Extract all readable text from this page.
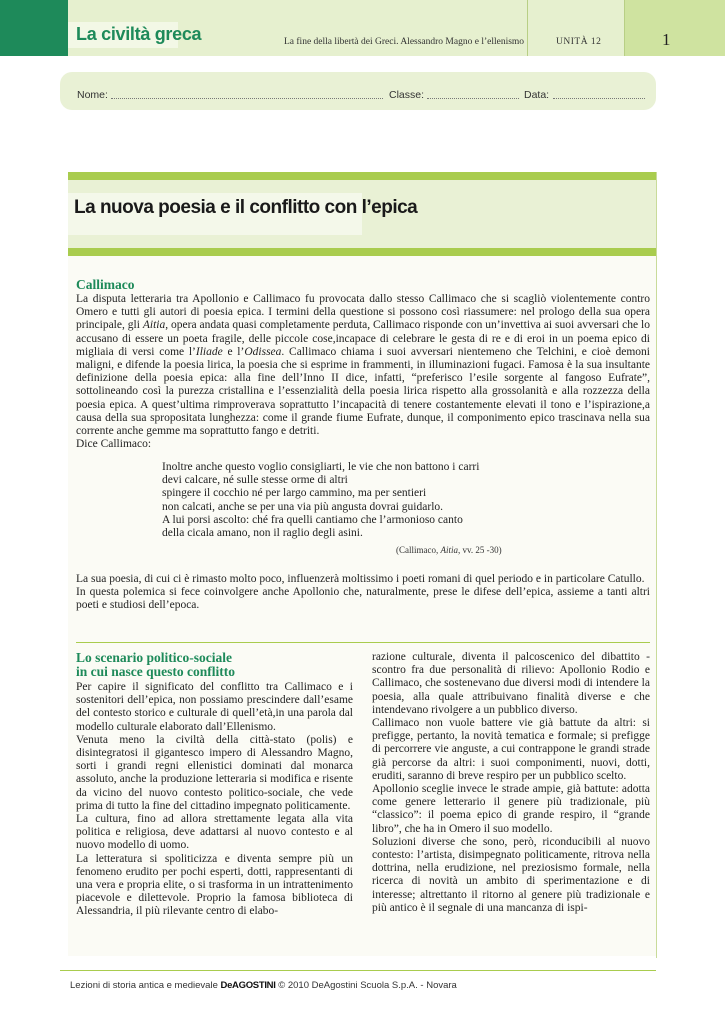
La civiltà greca	La fine della libertà dei Greci. Alessandro Magno e l’ellenismo	UNITÀ 12	1
Nome:	Classe:	Data:
La nuova poesia e il conflitto con l’epica
Callimaco
La disputa letteraria tra Apollonio e Callimaco fu provocata dallo stesso Callimaco che si scagliò violentemente contro Omero e tutti gli autori di poesia epica. I termini della questione si possono così riassumere: nel prologo della sua opera principale, gli Aitia, opera andata quasi completamente perduta, Callimaco risponde con un’invettiva ai suoi avversari che lo accusano di essere un poeta fragile, delle piccole cose,incapace di celebrare le gesta di re e di eroi in un poema epico di migliaia di versi come l’Iliade e l’Odissea. Callimaco chiama i suoi avversari nientemeno che Telchini, e cioè demoni maligni, e difende la poesia lirica, la poesia che si esprime in frammenti, in illuminazioni fugaci. Famosa è la sua insultante definizione della poesia epica: alla fine dell’Inno II dice, infatti, “preferisco l’esile sorgente al fangoso Eufrate”, sottolineando così la purezza cristallina e l’essenzialità della poesia lirica rispetto alla grossolanità e alla rozzezza della poesia epica. A quest’ultima rimproverava soprattutto l’incapacità di tenere costantemente elevati il tono e l’ispirazione,a causa della sua spropositata lunghezza: come il grande fiume Eufrate, dunque, il componimento epico trascinava nella sua corrente anche gemme ma soprattutto fango e detriti.
Dice Callimaco:
Inoltre anche questo voglio consigliarti, le vie che non battono i carri
devi calcare, né sulle stesse orme di altri
spingere il cocchio né per largo cammino, ma per sentieri
non calcati, anche se per una via più angusta dovrai guidarlo.
A lui porsi ascolto: ché fra quelli cantiamo che l’armonioso canto
della cicala amano, non il raglio degli asini.
(Callimaco, Aitia, vv. 25 -30)
La sua poesia, di cui ci è rimasto molto poco, influenzerà moltissimo i poeti romani di quel periodo e in particolare Catullo.
In questa polemica si fece coinvolgere anche Apollonio che, naturalmente, prese le difese dell’epica, assieme a tanti altri poeti e studiosi dell’epoca.
Lo scenario politico-sociale
in cui nasce questo conflitto
Per capire il significato del conflitto tra Callimaco e i sostenitori dell’epica, non possiamo prescindere dall’esame del contesto storico e culturale di quell’età,in una parola dal modello culturale elaborato dall’Ellenismo.
Venuta meno la civiltà della città-stato (polis) e disintegratosi il gigantesco impero di Alessandro Magno, sorti i grandi regni ellenistici dominati dal monarca assoluto, anche la produzione letteraria si modifica e risente da vicino del nuovo contesto politico-sociale, che vede prima di tutto la fine del cittadino impegnato politicamente.
La cultura, fino ad allora strettamente legata alla vita politica e religiosa, deve adattarsi al nuovo contesto e al nuovo modello di uomo.
La letteratura si spoliticizza e diventa sempre più un fenomeno erudito per pochi esperti, dotti, rappresentanti di una vera e propria elite, o si trasforma in un intrattenimento piacevole e dilettevole. Proprio la famosa biblioteca di Alessandria, il più rilevante centro di elabo-
razione culturale, diventa il palcoscenico del dibattito - scontro fra due personalità di rilievo: Apollonio Rodio e Callimaco, che sostenevano due diversi modi di intendere la poesia, alla quale attribuivano finalità diverse e che intendevano rivolgere a un pubblico diverso.
Callimaco non vuole battere vie già battute da altri: si prefigge, pertanto, la novità tematica e formale; si prefigge di percorrere vie anguste, a cui contrappone le grandi strade già percorse da altri: i suoi componimenti, nuovi, dotti, eruditi, saranno di breve respiro per un pubblico scelto.
Apollonio sceglie invece le strade ampie, già battute: adotta come genere letterario il genere più tradizionale, più “classico”: il poema epico di grande respiro, il “grande libro”, che ha in Omero il suo modello.
Soluzioni diverse che sono, però, riconducibili al nuovo contesto: l’artista, disimpegnato politicamente, ritrova nella dottrina, nella erudizione, nel preziosismo formale, nella ricerca di novità un ambito di sperimentazione e di interesse; altrettanto il ritorno al genere più tradizionale e più antico è il segnale di una mancanza di ispi-
Lezioni di storia antica e medievale DeAGOSTINI © 2010 DeAgostini Scuola S.p.A. - Novara
